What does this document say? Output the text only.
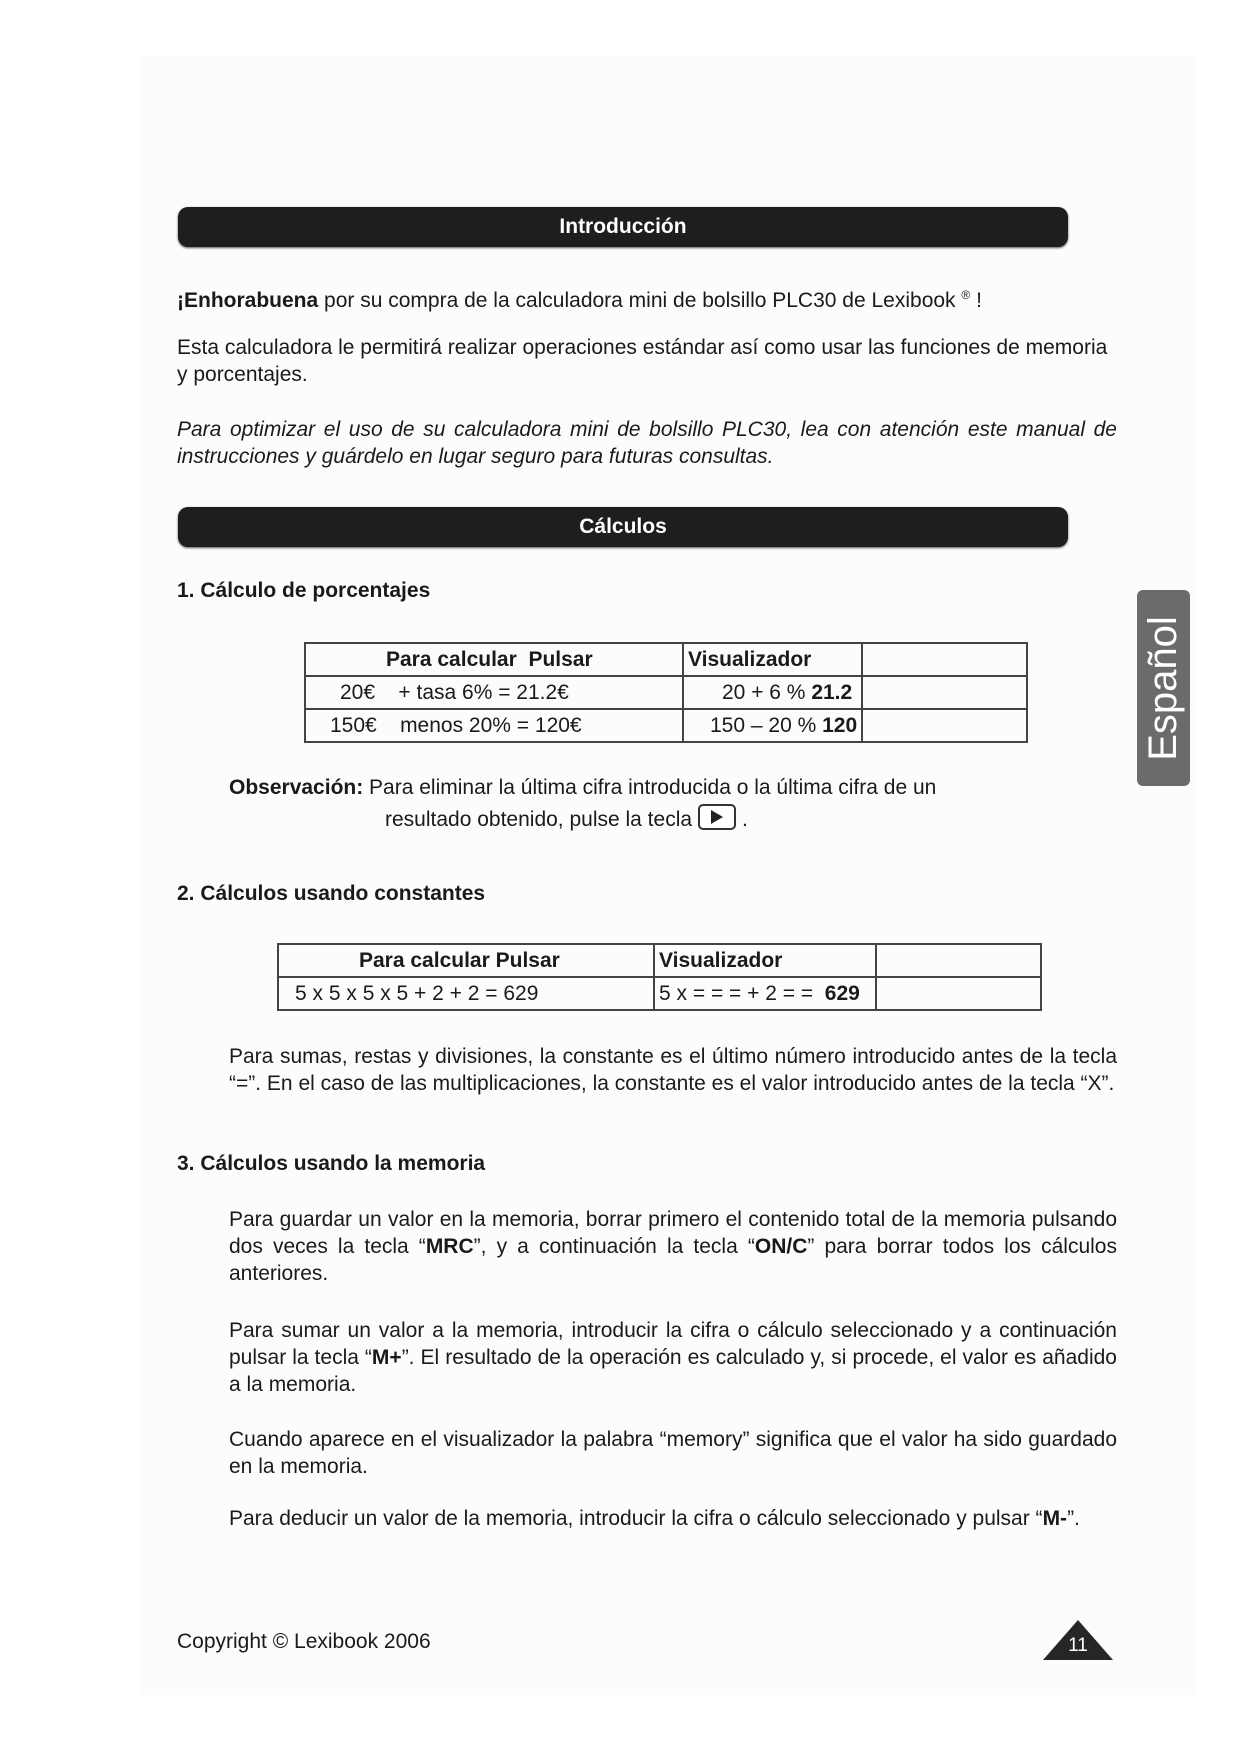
Introducción

¡Enhorabuena por su compra de la calculadora mini de bolsillo PLC30 de Lexibook ® !

Esta calculadora le permitirá realizar operaciones estándar así como usar las funciones de memoria y porcentajes.

Para optimizar el uso de su calculadora mini de bolsillo PLC30, lea con atención este manual de instrucciones y guárdelo en lugar seguro para futuras consultas.

Cálculos
1. Cálculo de porcentajes
Para calcular Pulsar	Visualizador	
20€ + tasa 6% = 21.2€	20 + 6 % 21.2	
150€ menos 20% = 120€	150 – 20 % 120	

Observación: Para eliminar la última cifra introducida o la última cifra de un

resultado obtenido, pulse la tecla .

2. Cálculos usando constantes
Para calcular Pulsar	Visualizador	
5 x 5 x 5 x 5 + 2 + 2 = 629	5 x = = = + 2 = = 629	

Para sumas, restas y divisiones, la constante es el último número introducido antes de la tecla “=”. En el caso de las multiplicaciones, la constante es el valor introducido antes de la tecla “X”.

3. Cálculos usando la memoria

Para guardar un valor en la memoria, borrar primero el contenido total de la memoria pulsando dos veces la tecla “MRC”, y a continuación la tecla “ON/C” para borrar todos los cálculos anteriores.

Para sumar un valor a la memoria, introducir la cifra o cálculo seleccionado y a continuación pulsar la tecla “M+”. El resultado de la operación es calculado y, si procede, el valor es añadido a la memoria.

Cuando aparece en el visualizador la palabra “memory” significa que el valor ha sido guardado en la memoria.

Para deducir un valor de la memoria, introducir la cifra o cálculo seleccionado y pulsar “M-”.

Español
Copyright © Lexibook 2006	11
